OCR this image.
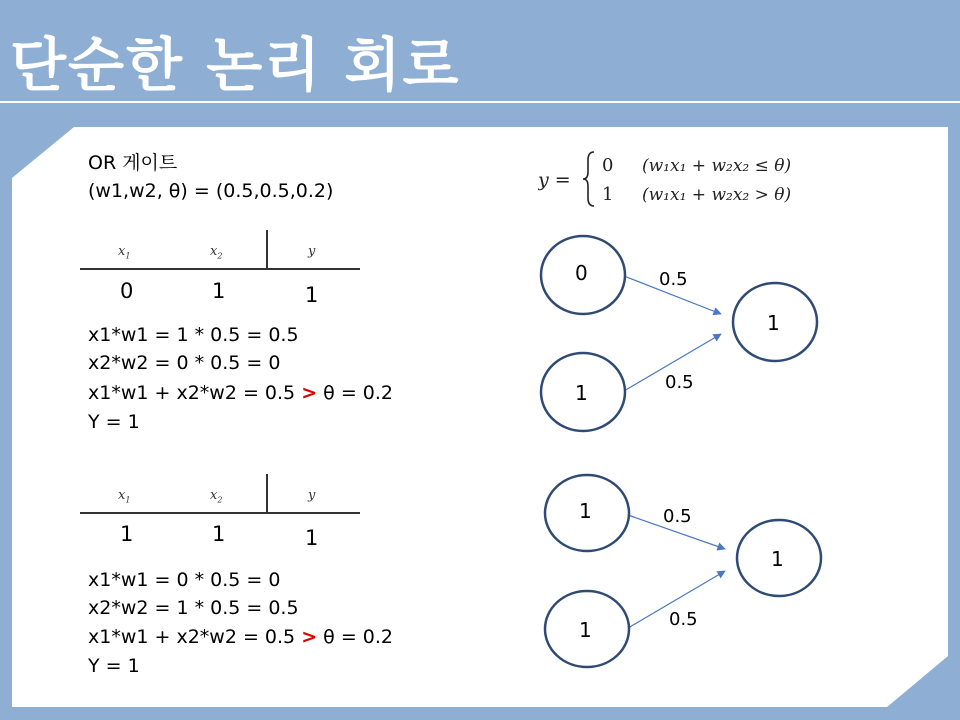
단순한 논리 회로
OR 게이트
(w1,w2, θ) = (0.5,0.5,0.2)	y =
0 (w₁x₁ + w₂x₂ ≤ θ)
1 (w₁x₁ + w₂x₂ > θ)
$x_1$	$x_2$	y
0	1	1
x1*w1 = 1 * 0.5 = 0.5
x2*w2 = 0 * 0.5 = 0
x1*w1 + x2*w2 = 0.5 > θ = 0.2
Y = 1
$x_1$	$x_2$	y
1	1	1
x1*w1 = 0 * 0.5 = 0
x2*w2 = 1 * 0.5 = 0.5
x1*w1 + x2*w2 = 0.5 > θ = 0.2
Y = 1
0
1
1
0.5
0.5
1
1
1
0.5
0.5
